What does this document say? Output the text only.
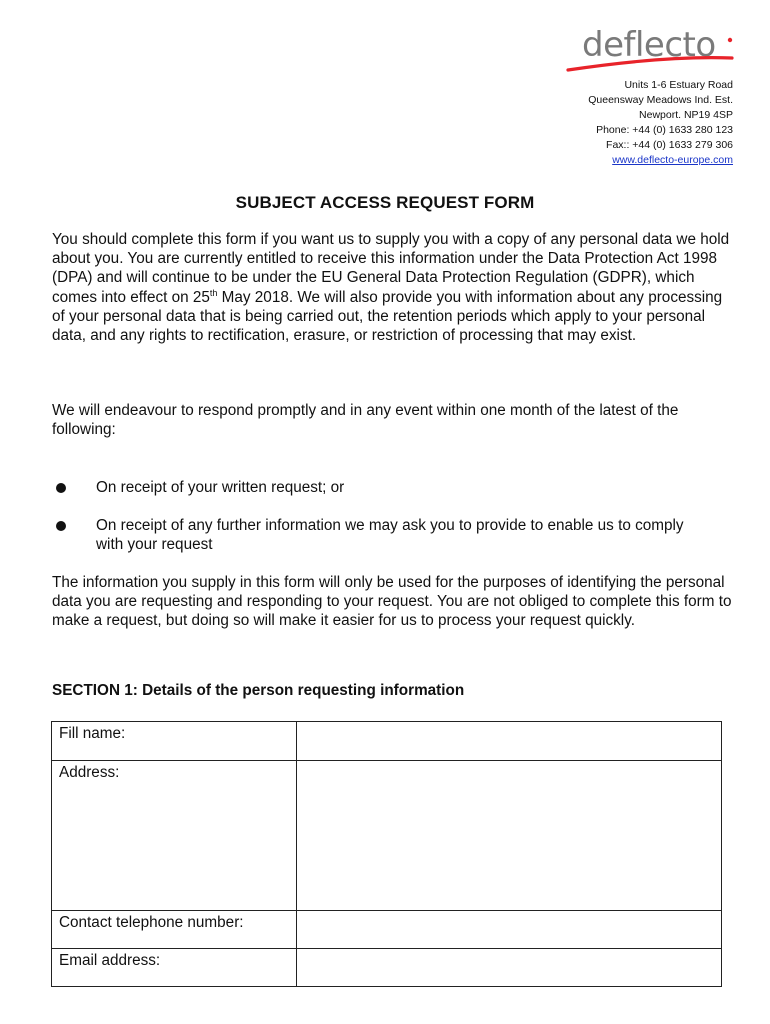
deflecto
Units 1-6 Estuary Road
Queensway Meadows Ind. Est.
Newport. NP19 4SP
Phone: +44 (0) 1633 280 123
Fax:: +44 (0) 1633 279 306
www.deflecto-europe.com
SUBJECT ACCESS REQUEST FORM

You should complete this form if you want us to supply you with a copy of any personal data we hold about you. You are currently entitled to receive this information under the Data Protection Act 1998 (DPA) and will continue to be under the EU General Data Protection Regulation (GDPR), which comes into effect on 25th May 2018. We will also provide you with information about any processing of your personal data that is being carried out, the retention periods which apply to your personal data, and any rights to rectification, erasure, or restriction of processing that may exist.

We will endeavour to respond promptly and in any event within one month of the latest of the following:

On receipt of your written request; or
On receipt of any further information we may ask you to provide to enable us to comply with your request

The information you supply in this form will only be used for the purposes of identifying the personal data you are requesting and responding to your request. You are not obliged to complete this form to make a request, but doing so will make it easier for us to process your request quickly.

SECTION 1: Details of the person requesting information
Fill name:	
Address:	
Contact telephone number:	
Email address:	
